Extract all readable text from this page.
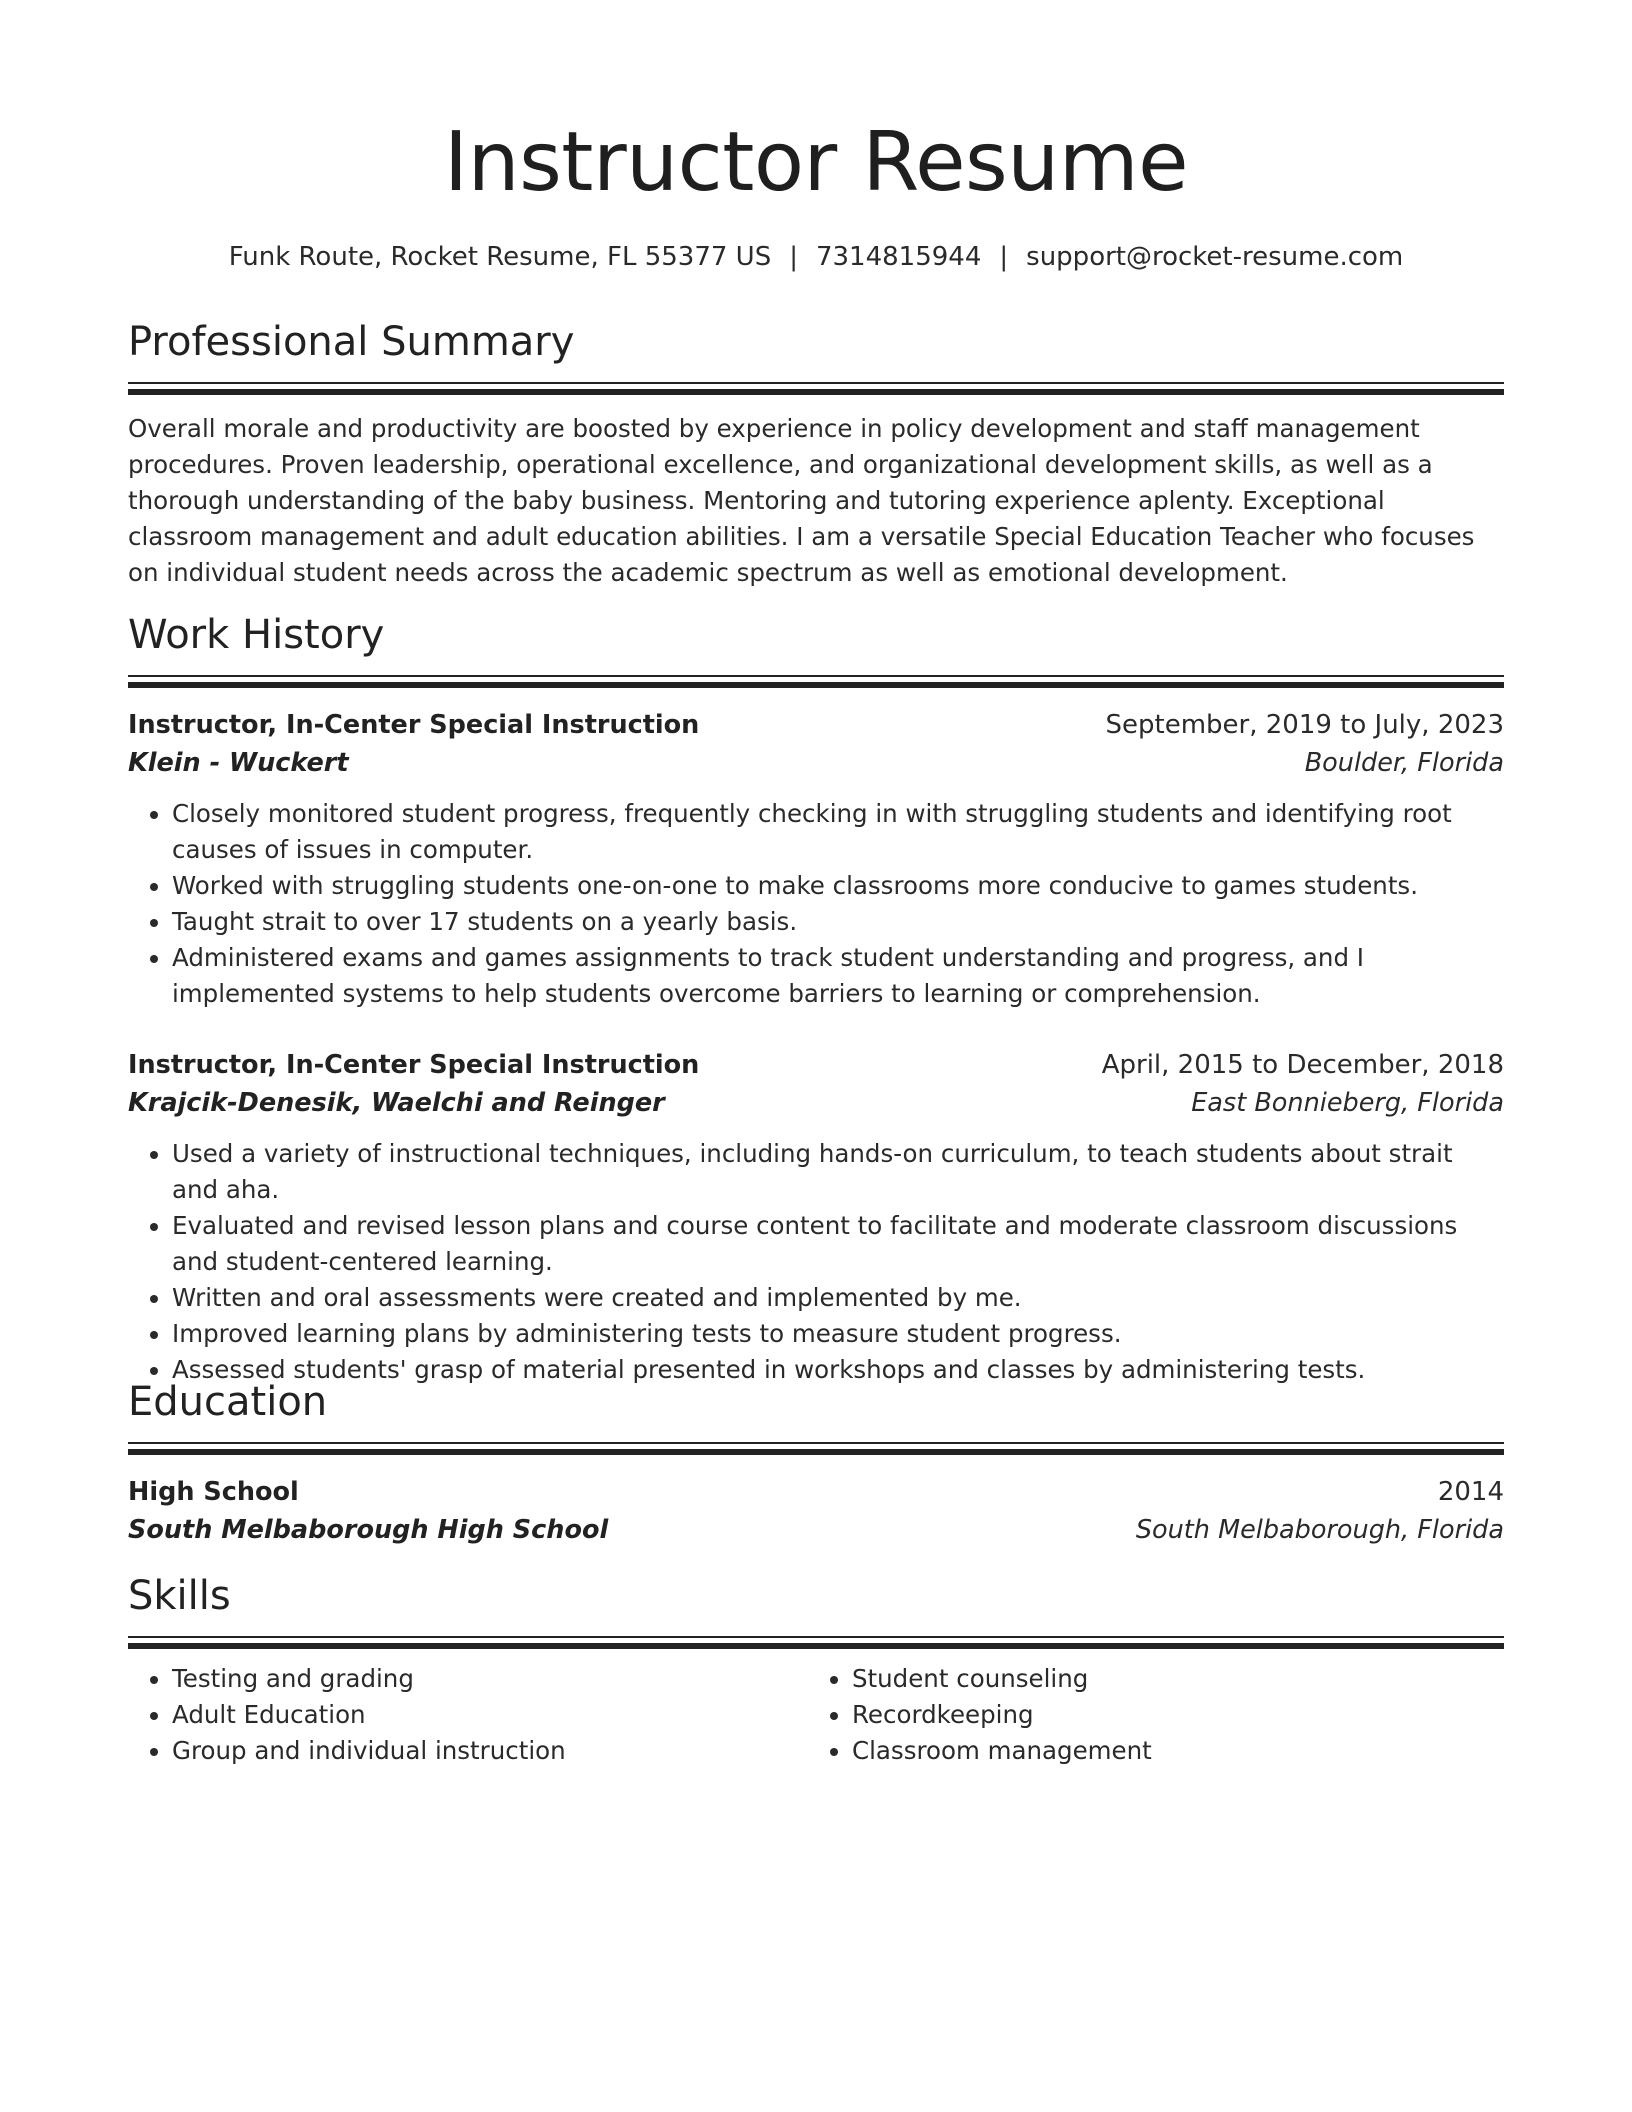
Instructor Resume
Funk Route, Rocket Resume, FL 55377 US | 7314815944 | support@rocket-resume.com
Professional Summary

Overall morale and productivity are boosted by experience in policy development and staff management procedures. Proven leadership, operational excellence, and organizational development skills, as well as a thorough understanding of the baby business. Mentoring and tutoring experience aplenty. Exceptional classroom management and adult education abilities. I am a versatile Special Education Teacher who focuses on individual student needs across the academic spectrum as well as emotional development.

Work History
Instructor, In-Center Special Instruction	September, 2019 to July, 2023
Klein - Wuckert	Boulder, Florida
• Closely monitored student progress, frequently checking in with struggling students and identifying root causes of issues in computer.
• Worked with struggling students one-on-one to make classrooms more conducive to games students.
• Taught strait to over 17 students on a yearly basis.
• Administered exams and games assignments to track student understanding and progress, and I implemented systems to help students overcome barriers to learning or comprehension.
Instructor, In-Center Special Instruction	April, 2015 to December, 2018
Krajcik-Denesik, Waelchi and Reinger	East Bonnieberg, Florida
• Used a variety of instructional techniques, including hands-on curriculum, to teach students about strait and aha.
• Evaluated and revised lesson plans and course content to facilitate and moderate classroom discussions and student-centered learning.
• Written and oral assessments were created and implemented by me.
• Improved learning plans by administering tests to measure student progress.
• Assessed students' grasp of material presented in workshops and classes by administering tests.
Education
High School	2014
South Melbaborough High School	South Melbaborough, Florida
Skills
• Testing and grading
• Adult Education
• Group and individual instruction
• Student counseling
• Recordkeeping
• Classroom management
